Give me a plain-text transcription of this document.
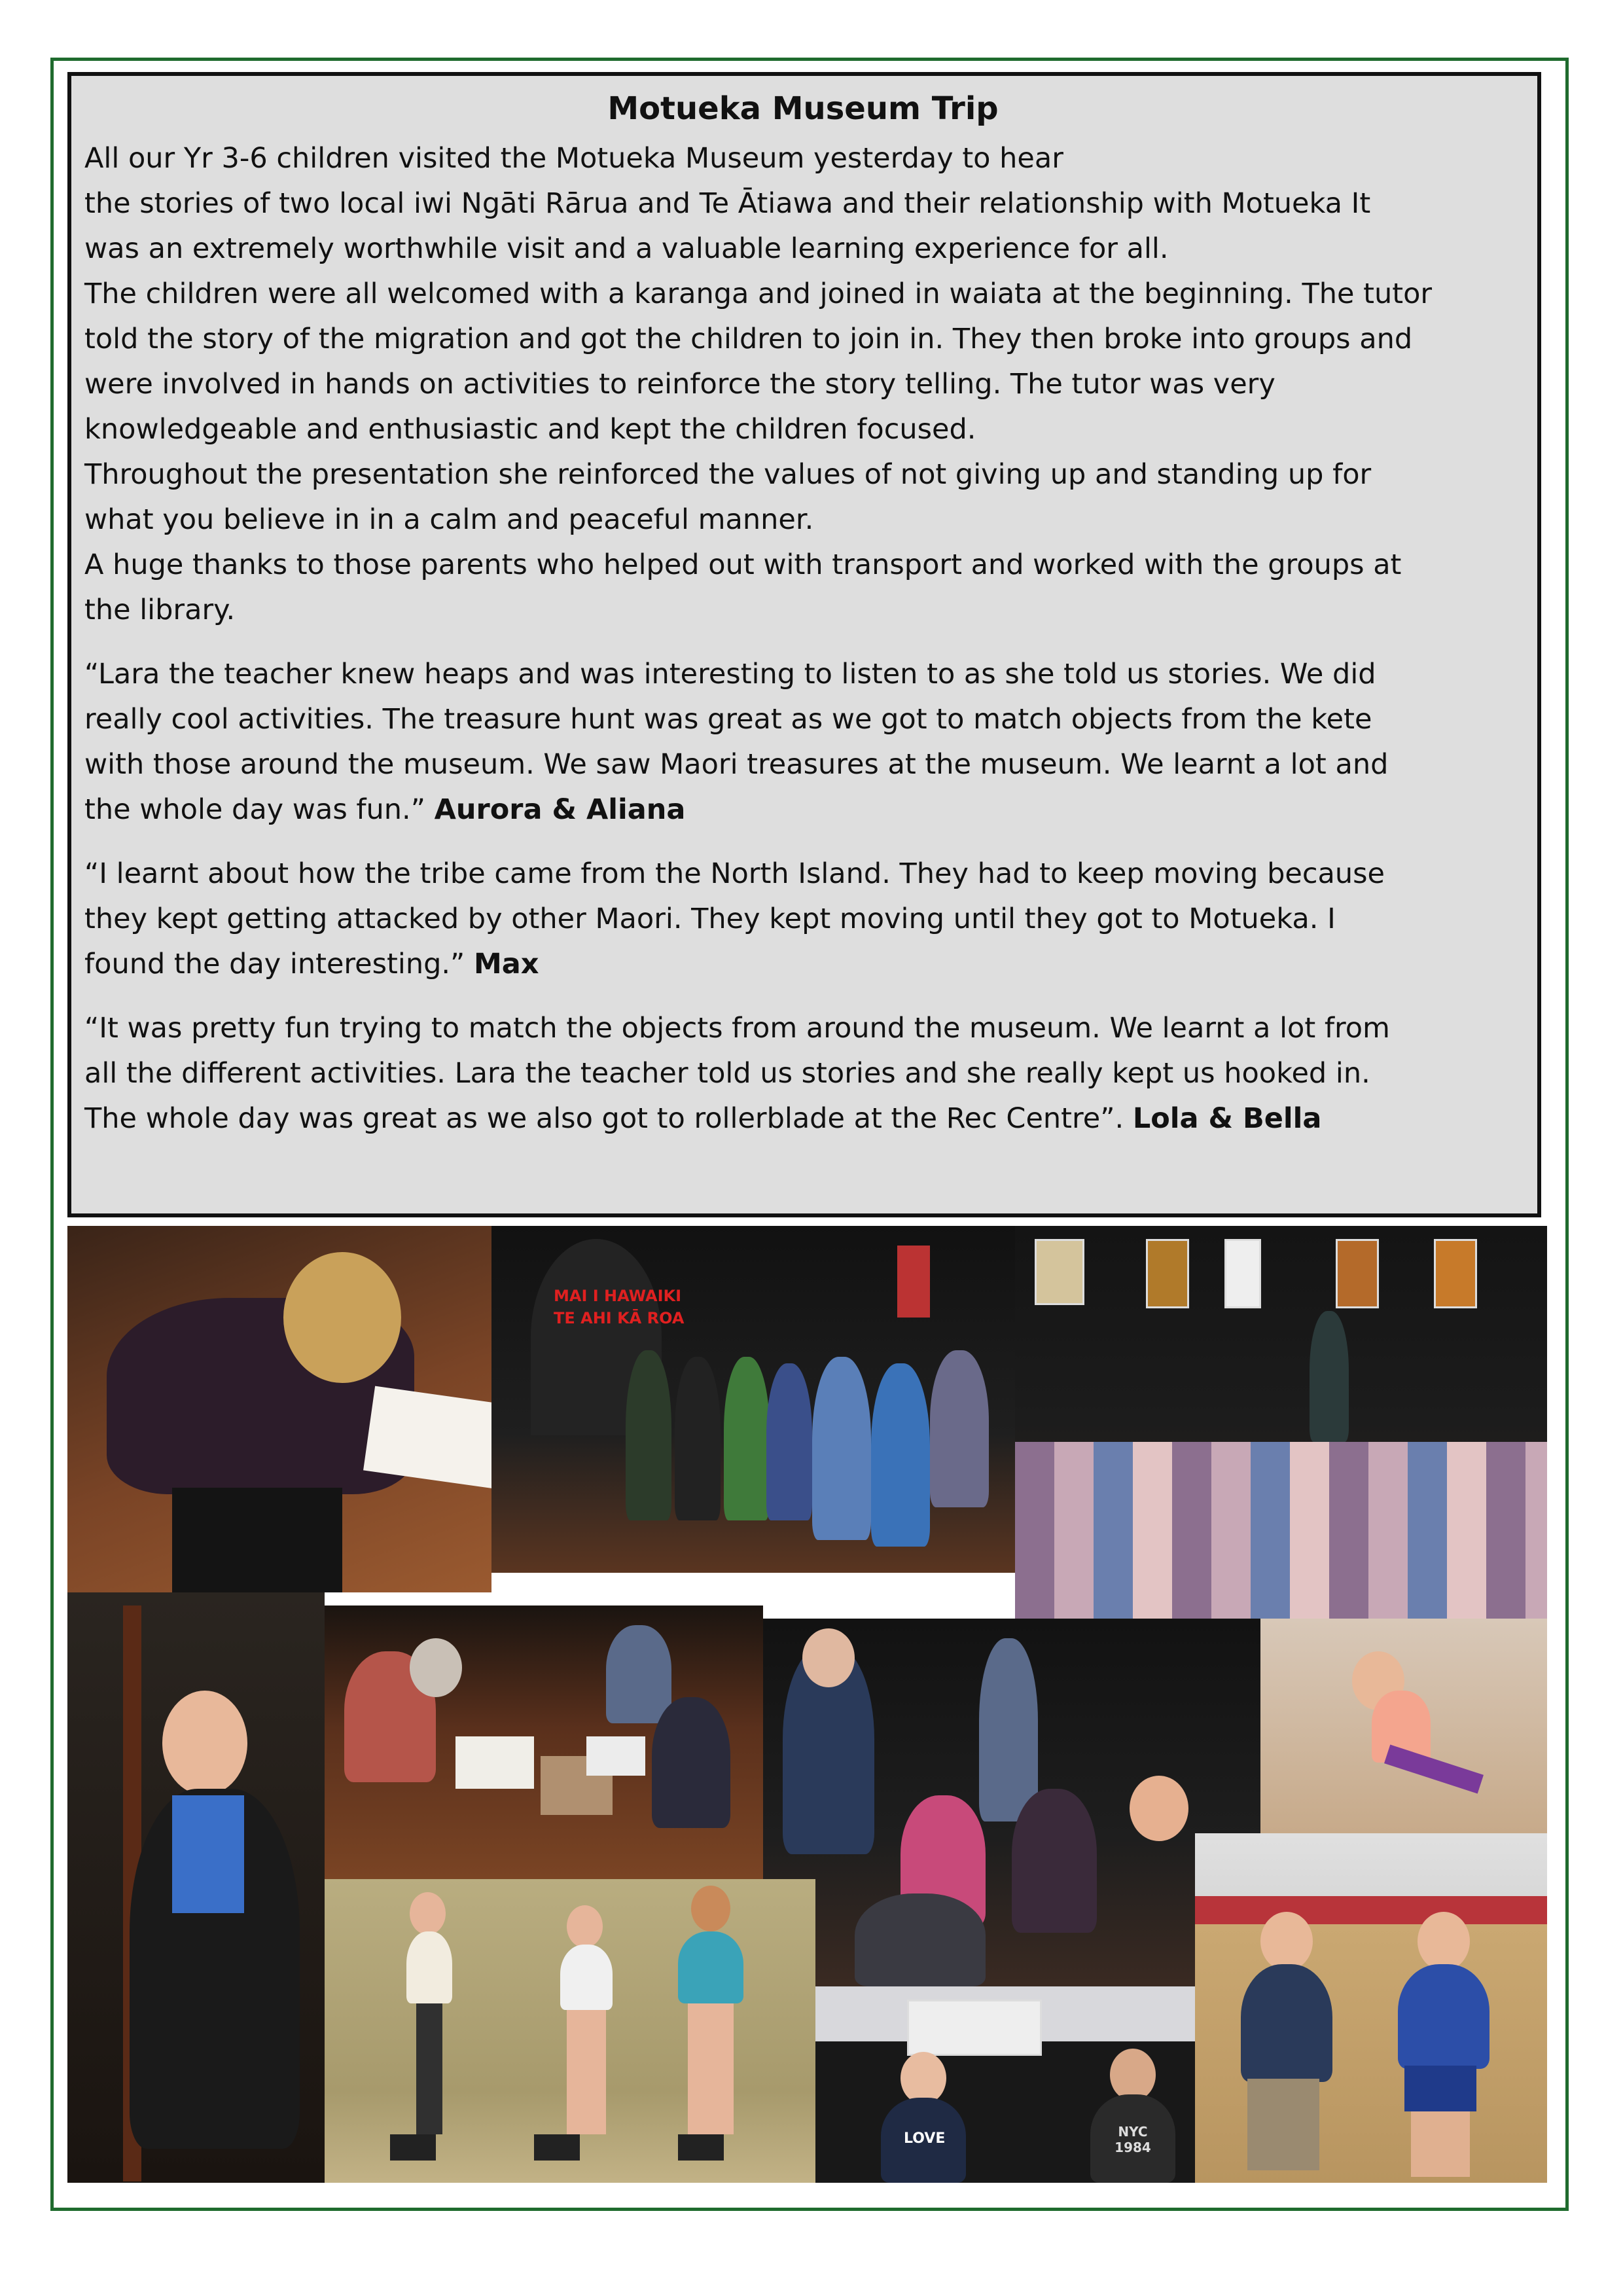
Motueka Museum Trip

All our Yr 3-6 children visited the Motueka Museum yesterday to hear

the stories of two local iwi Ngāti Rārua and Te Ātiawa and their relationship with Motueka It

was an extremely worthwhile visit and a valuable learning experience for all.

The children were all welcomed with a karanga and joined in waiata at the beginning. The tutor

told the story of the migration and got the children to join in. They then broke into groups and

were involved in hands on activities to reinforce the story telling. The tutor was very

knowledgeable and enthusiastic and kept the children focused.

Throughout the presentation she reinforced the values of not giving up and standing up for

what you believe in in a calm and peaceful manner.

A huge thanks to those parents who helped out with transport and worked with the groups at

the library.

“Lara the teacher knew heaps and was interesting to listen to as she told us stories. We did

really cool activities. The treasure hunt was great as we got to match objects from the kete

with those around the museum. We saw Maori treasures at the museum. We learnt a lot and

the whole day was fun.” Aurora & Aliana

“I learnt about how the tribe came from the North Island. They had to keep moving because

they kept getting attacked by other Maori. They kept moving until they got to Motueka. I

found the day interesting.” Max

“It was pretty fun trying to match the objects from around the museum. We learnt a lot from

all the different activities. Lara the teacher told us stories and she really kept us hooked in.

The whole day was great as we also got to rollerblade at the Rec Centre”. Lola & Bella

MAI I HAWAIKI
TE AHI KĀ ROA
LOVE	NYC 1984
